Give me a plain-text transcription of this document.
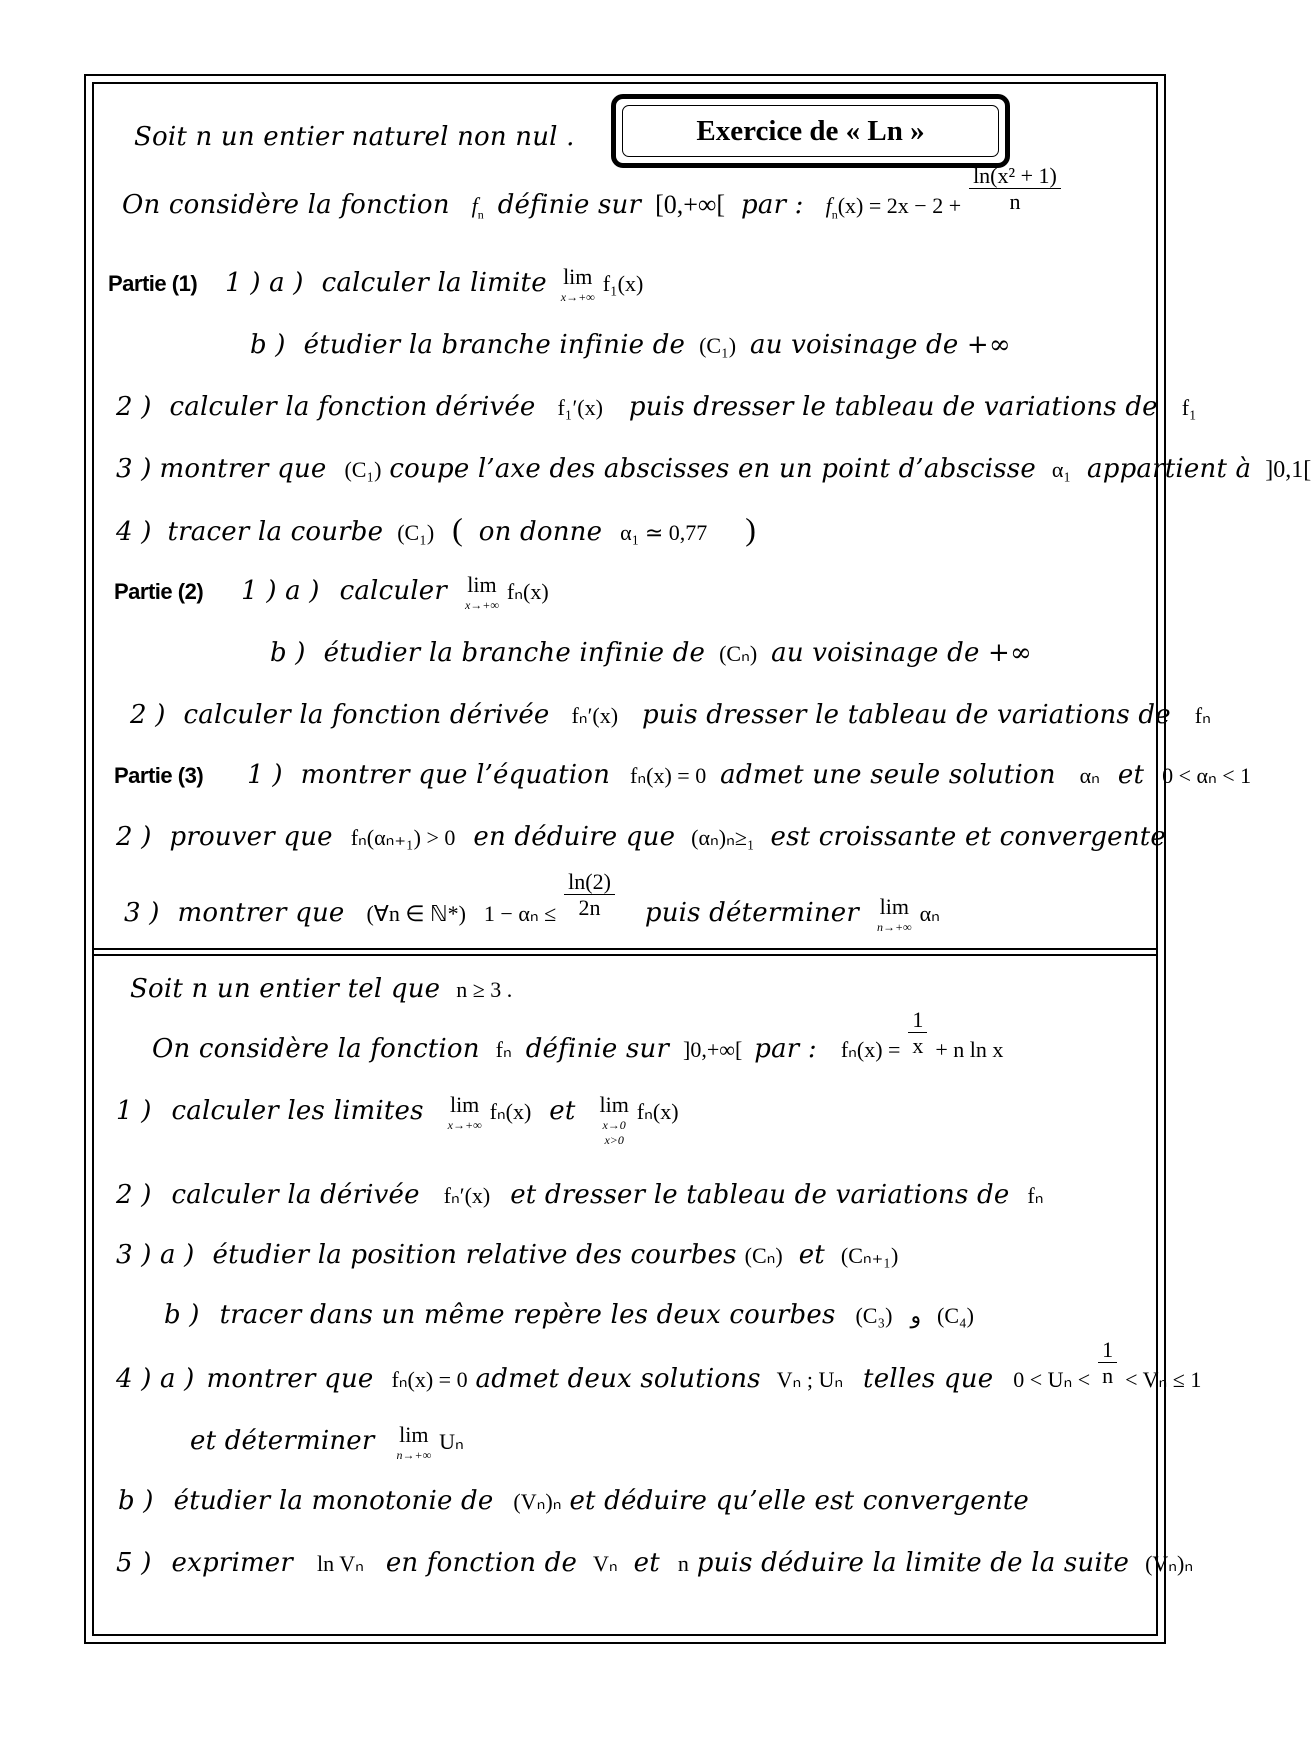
Exercice de « Ln »
Soit n un entier naturel non nul .
On considère la fonction $f_n$ définie sur [0,+∞[ par : $f_n(x) = 2x - 2 + \frac{\text{ln(x² + 1)}}{n}$
Partie (1) 1 ) a ) calculer la limite lim
x→+∞
f₁(x)
b ) étudier la branche infinie de (C₁) au voisinage de +∞
2 ) calculer la fonction dérivée f₁′(x) puis dresser le tableau de variations de f₁
3 ) montrer que (C₁) coupe l’axe des abscisses en un point d’abscisse α₁ appartient à ]0,1[
4 ) tracer la courbe (C₁) ( on donne α₁ ≃ 0,77 )
Partie (2) 1 ) a ) calculer lim
x→+∞
fₙ(x)
b ) étudier la branche infinie de (Cₙ) au voisinage de +∞
2 ) calculer la fonction dérivée fₙ′(x) puis dresser le tableau de variations de fₙ
Partie (3) 1 ) montrer que l’équation fₙ(x) = 0 admet une seule solution αₙ et 0 < αₙ < 1
2 ) prouver que fₙ(αₙ₊₁) > 0 en déduire que (αₙ)ₙ≥₁ est croissante et convergente
3 ) montrer que (∀n ∈ ℕ*) $1 - \alpha_n \le \frac{\ln(2)}{2n}$ puis déterminer lim
n→+∞
αₙ
Soit n un entier tel que n ≥ 3 .
On considère la fonction fₙ définie sur ]0,+∞[ par : $f_n(x) = \frac{1}{x} + n$ ln x
1 ) calculer les limites lim
x→+∞
fₙ(x) et lim
x→0
x>0
fₙ(x)
2 ) calculer la dérivée fₙ′(x) et dresser le tableau de variations de fₙ
3 ) a ) étudier la position relative des courbes (Cₙ) et (Cₙ₊₁)
b ) tracer dans un même repère les deux courbes (C₃) و (C₄)
4 ) a ) montrer que fₙ(x) = 0 admet deux solutions Vₙ ; Uₙ telles que $0 < U_n < \frac{1}{n} < V_n \le 1$
et déterminer lim
n→+∞
Uₙ
b ) étudier la monotonie de (Vₙ)ₙ et déduire qu’elle est convergente
5 ) exprimer ln Vₙ en fonction de Vₙ et n puis déduire la limite de la suite (Vₙ)ₙ
